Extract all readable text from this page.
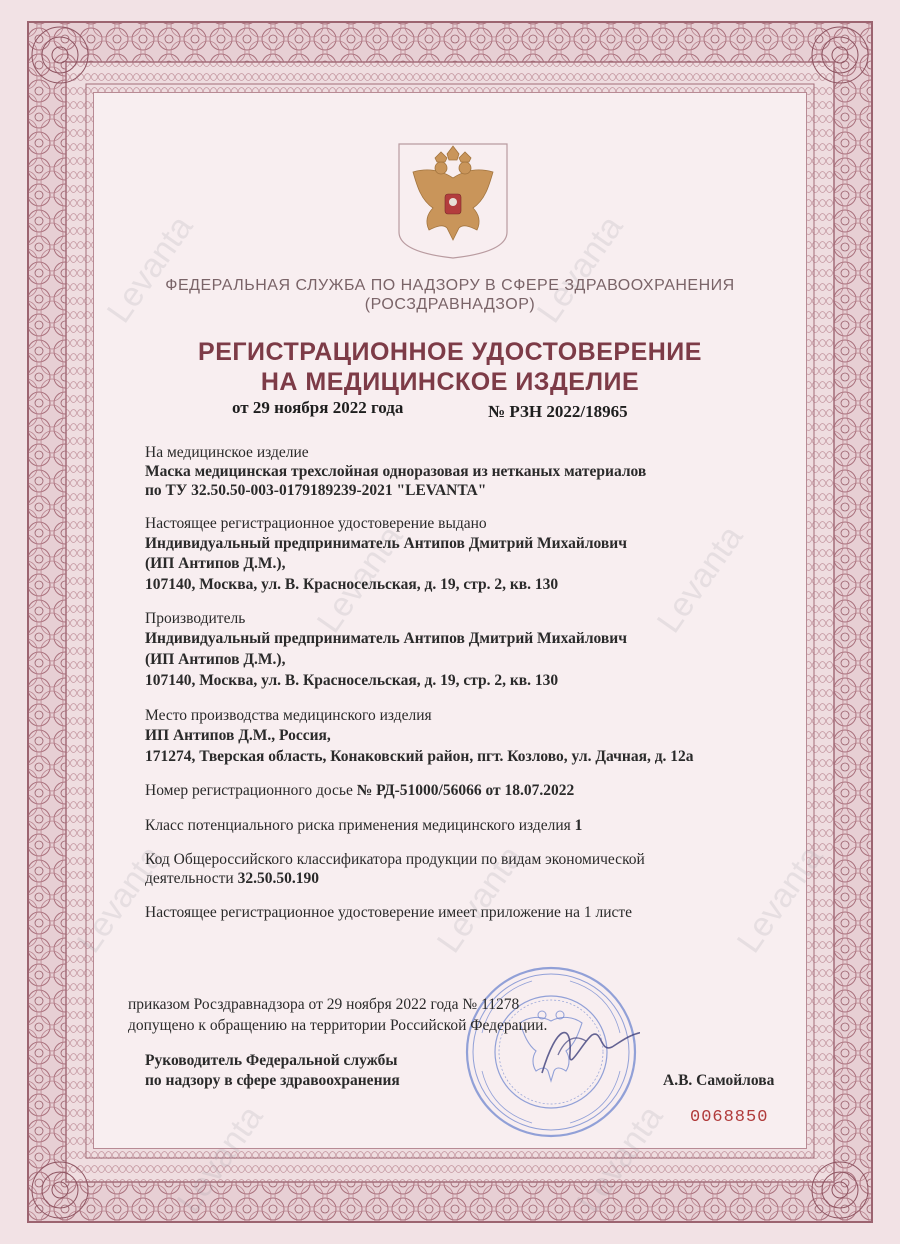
Levanta	Levanta
Levanta	Levanta
Levanta	Levanta	Levanta
Levanta	Levanta
ФЕДЕРАЛЬНАЯ СЛУЖБА ПО НАДЗОРУ В СФЕРЕ ЗДРАВООХРАНЕНИЯ
(РОСЗДРАВНАДЗОР)
РЕГИСТРАЦИОННОЕ УДОСТОВЕРЕНИЕ
НА МЕДИЦИНСКОЕ ИЗДЕЛИЕ
от 29 ноября 2022 года	№ РЗН 2022/18965
На медицинское изделие
Маска медицинская трехслойная одноразовая из нетканых материалов
по ТУ 32.50.50-003-0179189239-2021 "LEVANTA"
Настоящее регистрационное удостоверение выдано
Индивидуальный предприниматель Антипов Дмитрий Михайлович
(ИП Антипов Д.М.),
107140, Москва, ул. В. Красносельская, д. 19, стр. 2, кв. 130
Производитель
Индивидуальный предприниматель Антипов Дмитрий Михайлович
(ИП Антипов Д.М.),
107140, Москва, ул. В. Красносельская, д. 19, стр. 2, кв. 130
Место производства медицинского изделия
ИП Антипов Д.М., Россия,
171274, Тверская область, Конаковский район, пгт. Козлово, ул. Дачная, д. 12а
Номер регистрационного досье № РД-51000/56066 от 18.07.2022
Класс потенциального риска применения медицинского изделия 1
Код Общероссийского классификатора продукции по видам экономической
деятельности 32.50.50.190
Настоящее регистрационное удостоверение имеет приложение на 1 листе
приказом Росздравнадзора от 29 ноября 2022 года № 11278
допущено к обращению на территории Российской Федерации.
Руководитель Федеральной службы
по надзору в сфере здравоохранения	А.В. Самойлова
0068850
